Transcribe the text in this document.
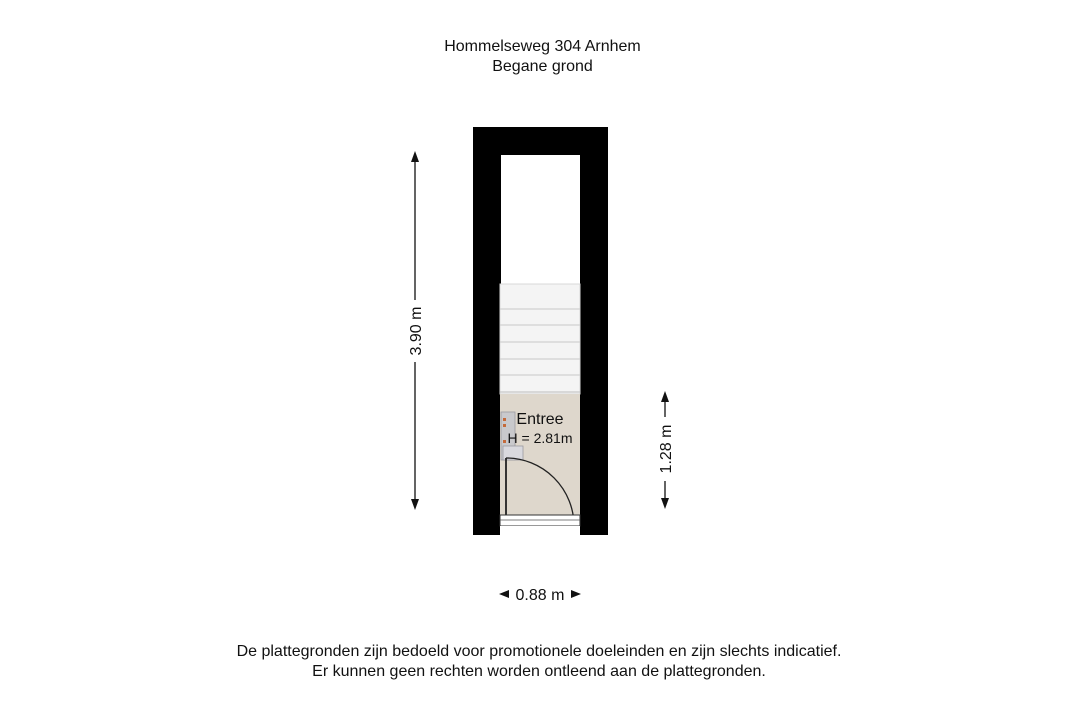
Hommelseweg 304 Arnhem
Begane grond
Entree
H = 2.81m
3.90 m
1.28 m
0.88 m
De plattegronden zijn bedoeld voor promotionele doeleinden en zijn slechts indicatief.
Er kunnen geen rechten worden ontleend aan de plattegronden.
